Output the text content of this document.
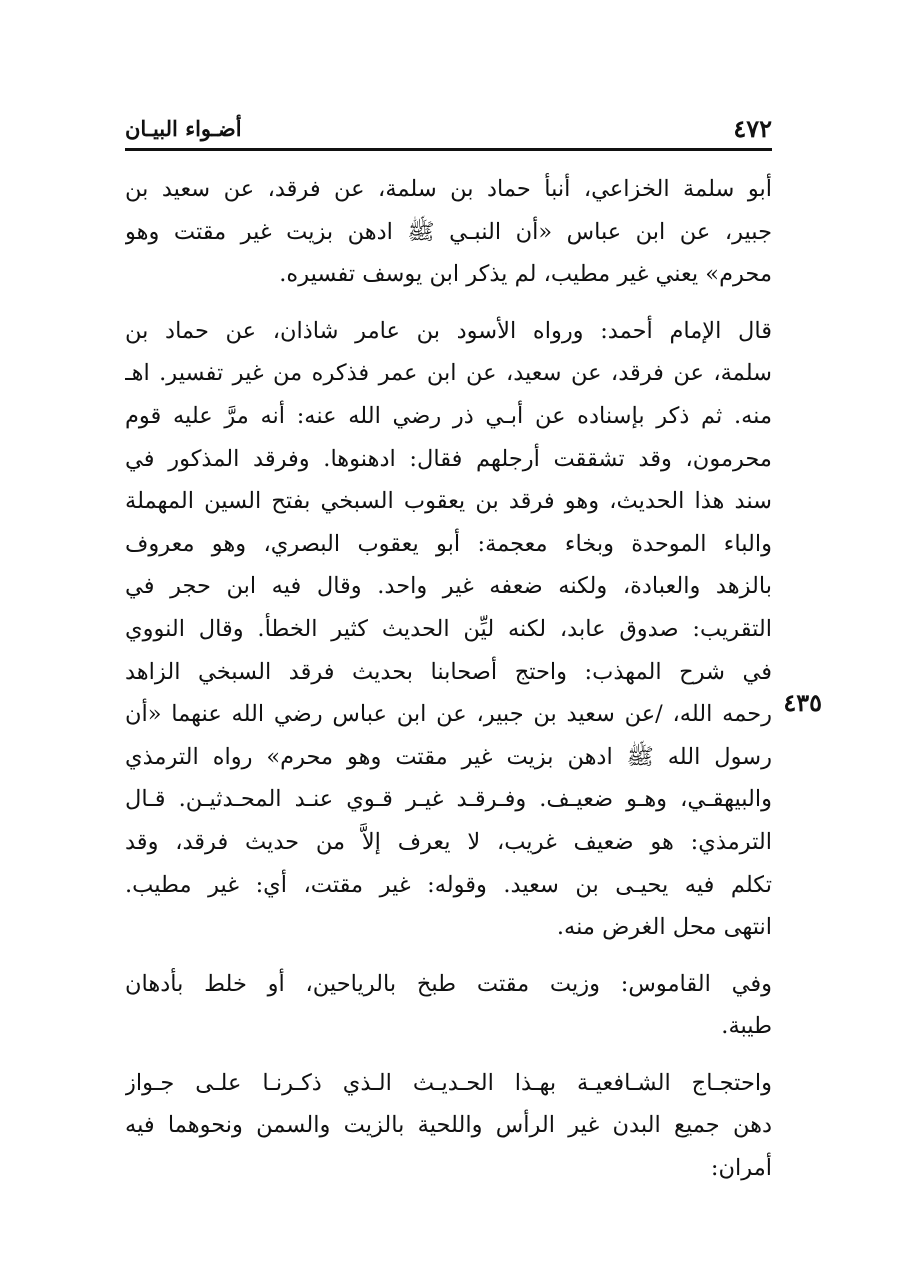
٤٧٢
أضـواء البيـان
٤٣٥
أبو سلمة الخزاعي، أنبأ حماد بن سلمة، عن فرقد، عن سعيد بن
جبير، عن ابن عباس «أن النبـي ﷺ ادهن بزيت غير مقتت وهو
محرم» يعني غير مطيب، لم يذكر ابن يوسف تفسيره.
قال الإمام أحمد: ورواه الأسود بن عامر شاذان، عن حماد بن
سلمة، عن فرقد، عن سعيد، عن ابن عمر فذكره من غير تفسير. اهـ
منه. ثم ذكر بإسناده عن أبـي ذر رضي الله عنه: أنه مرَّ عليه قوم
محرمون، وقد تشققت أرجلهم فقال: ادهنوها. وفرقد المذكور في
سند هذا الحديث، وهو فرقد بن يعقوب السبخي بفتح السين المهملة
والباء الموحدة وبخاء معجمة: أبو يعقوب البصري، وهو معروف
بالزهد والعبادة، ولكنه ضعفه غير واحد. وقال فيه ابن حجر في
التقريب: صدوق عابد، لكنه ليِّن الحديث كثير الخطأ. وقال النووي
في شرح المهذب: واحتج أصحابنا بحديث فرقد السبخي الزاهد
رحمه الله، /عن سعيد بن جبير، عن ابن عباس رضي الله عنهما «أن
رسول الله ﷺ ادهن بزيت غير مقتت وهو محرم» رواه الترمذي
والبيهقـي، وهـو ضعيـف. وفـرقـد غيـر قـوي عنـد المحـدثيـن. قـال
الترمذي: هو ضعيف غريب، لا يعرف إلاَّ من حديث فرقد، وقد
تكلم فيه يحيـى بن سعيد. وقوله: غير مقتت، أي: غير مطيب.
انتهى محل الغرض منه.
وفي القاموس: وزيت مقتت طبخ بالرياحين، أو خلط بأدهان
طيبة.
واحتجـاج الشـافعيـة بهـذا الحـديـث الـذي ذكـرنـا علـى جـواز
دهن جميع البدن غير الرأس واللحية بالزيت والسمن ونحوهما فيه
أمران:
